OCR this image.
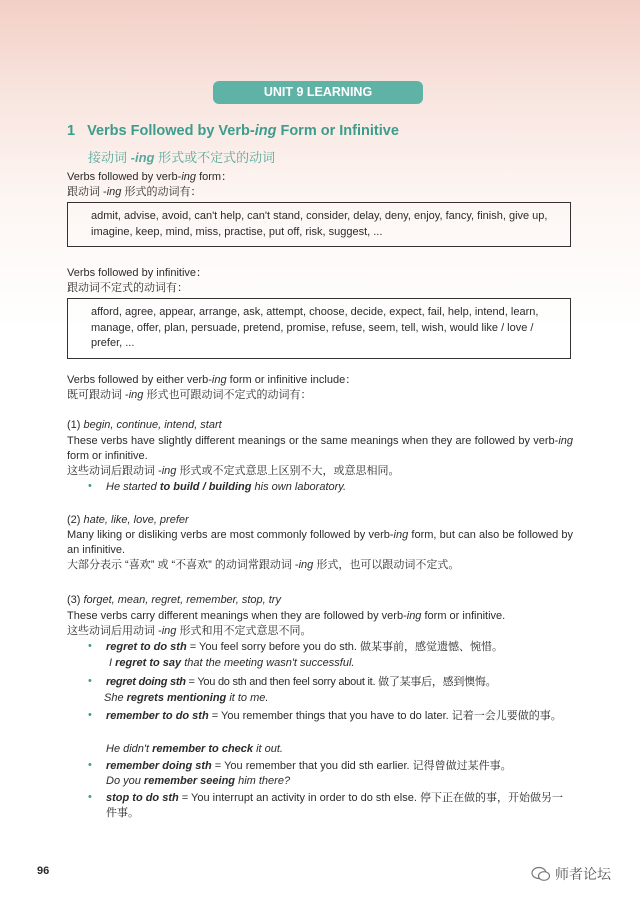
UNIT 9 LEARNING
1 Verbs Followed by Verb-ing Form or Infinitive
接动词 -ing 形式或不定式的动词
Verbs followed by verb-ing form：
跟动词 -ing 形式的动词有：
admit, advise, avoid, can't help, can't stand, consider, delay, deny, enjoy, fancy, finish, give up, imagine, keep, mind, miss, practise, put off, risk, suggest, ...
Verbs followed by infinitive：
跟动词不定式的动词有：
afford, agree, appear, arrange, ask, attempt, choose, decide, expect, fail, help, intend, learn, manage, offer, plan, persuade, pretend, promise, refuse, seem, tell, wish, would like / love / prefer, ...
Verbs followed by either verb-ing form or infinitive include：
既可跟动词 -ing 形式也可跟动词不定式的动词有：
(1) begin, continue, intend, start
These verbs have slightly different meanings or the same meanings when they are followed by verb-ing form or infinitive.
这些动词后跟动词 -ing 形式或不定式意思上区别不大，或意思相同。
•	He started to build / building his own laboratory.
(2) hate, like, love, prefer
Many liking or disliking verbs are most commonly followed by verb-ing form, but can also be followed by an infinitive.
大部分表示 “喜欢” 或 “不喜欢” 的动词常跟动词 -ing 形式，也可以跟动词不定式。
(3) forget, mean, regret, remember, stop, try
These verbs carry different meanings when they are followed by verb-ing form or infinitive.
这些动词后用动词 -ing 形式和用不定式意思不同。
•	regret to do sth = You feel sorry before you do sth. 做某事前，感觉遗憾、惋惜。
I regret to say that the meeting wasn't successful.
•	regret doing sth = You do sth and then feel sorry about it. 做了某事后，感到懊悔。
She regrets mentioning it to me.
•	remember to do sth = You remember things that you have to do later. 记着一会儿要做的事。
He didn't remember to check it out.
•	remember doing sth = You remember that you did sth earlier. 记得曾做过某件事。
Do you remember seeing him there?
•	stop to do sth = You interrupt an activity in order to do sth else. 停下正在做的事，开始做另一件事。
96	师者论坛
